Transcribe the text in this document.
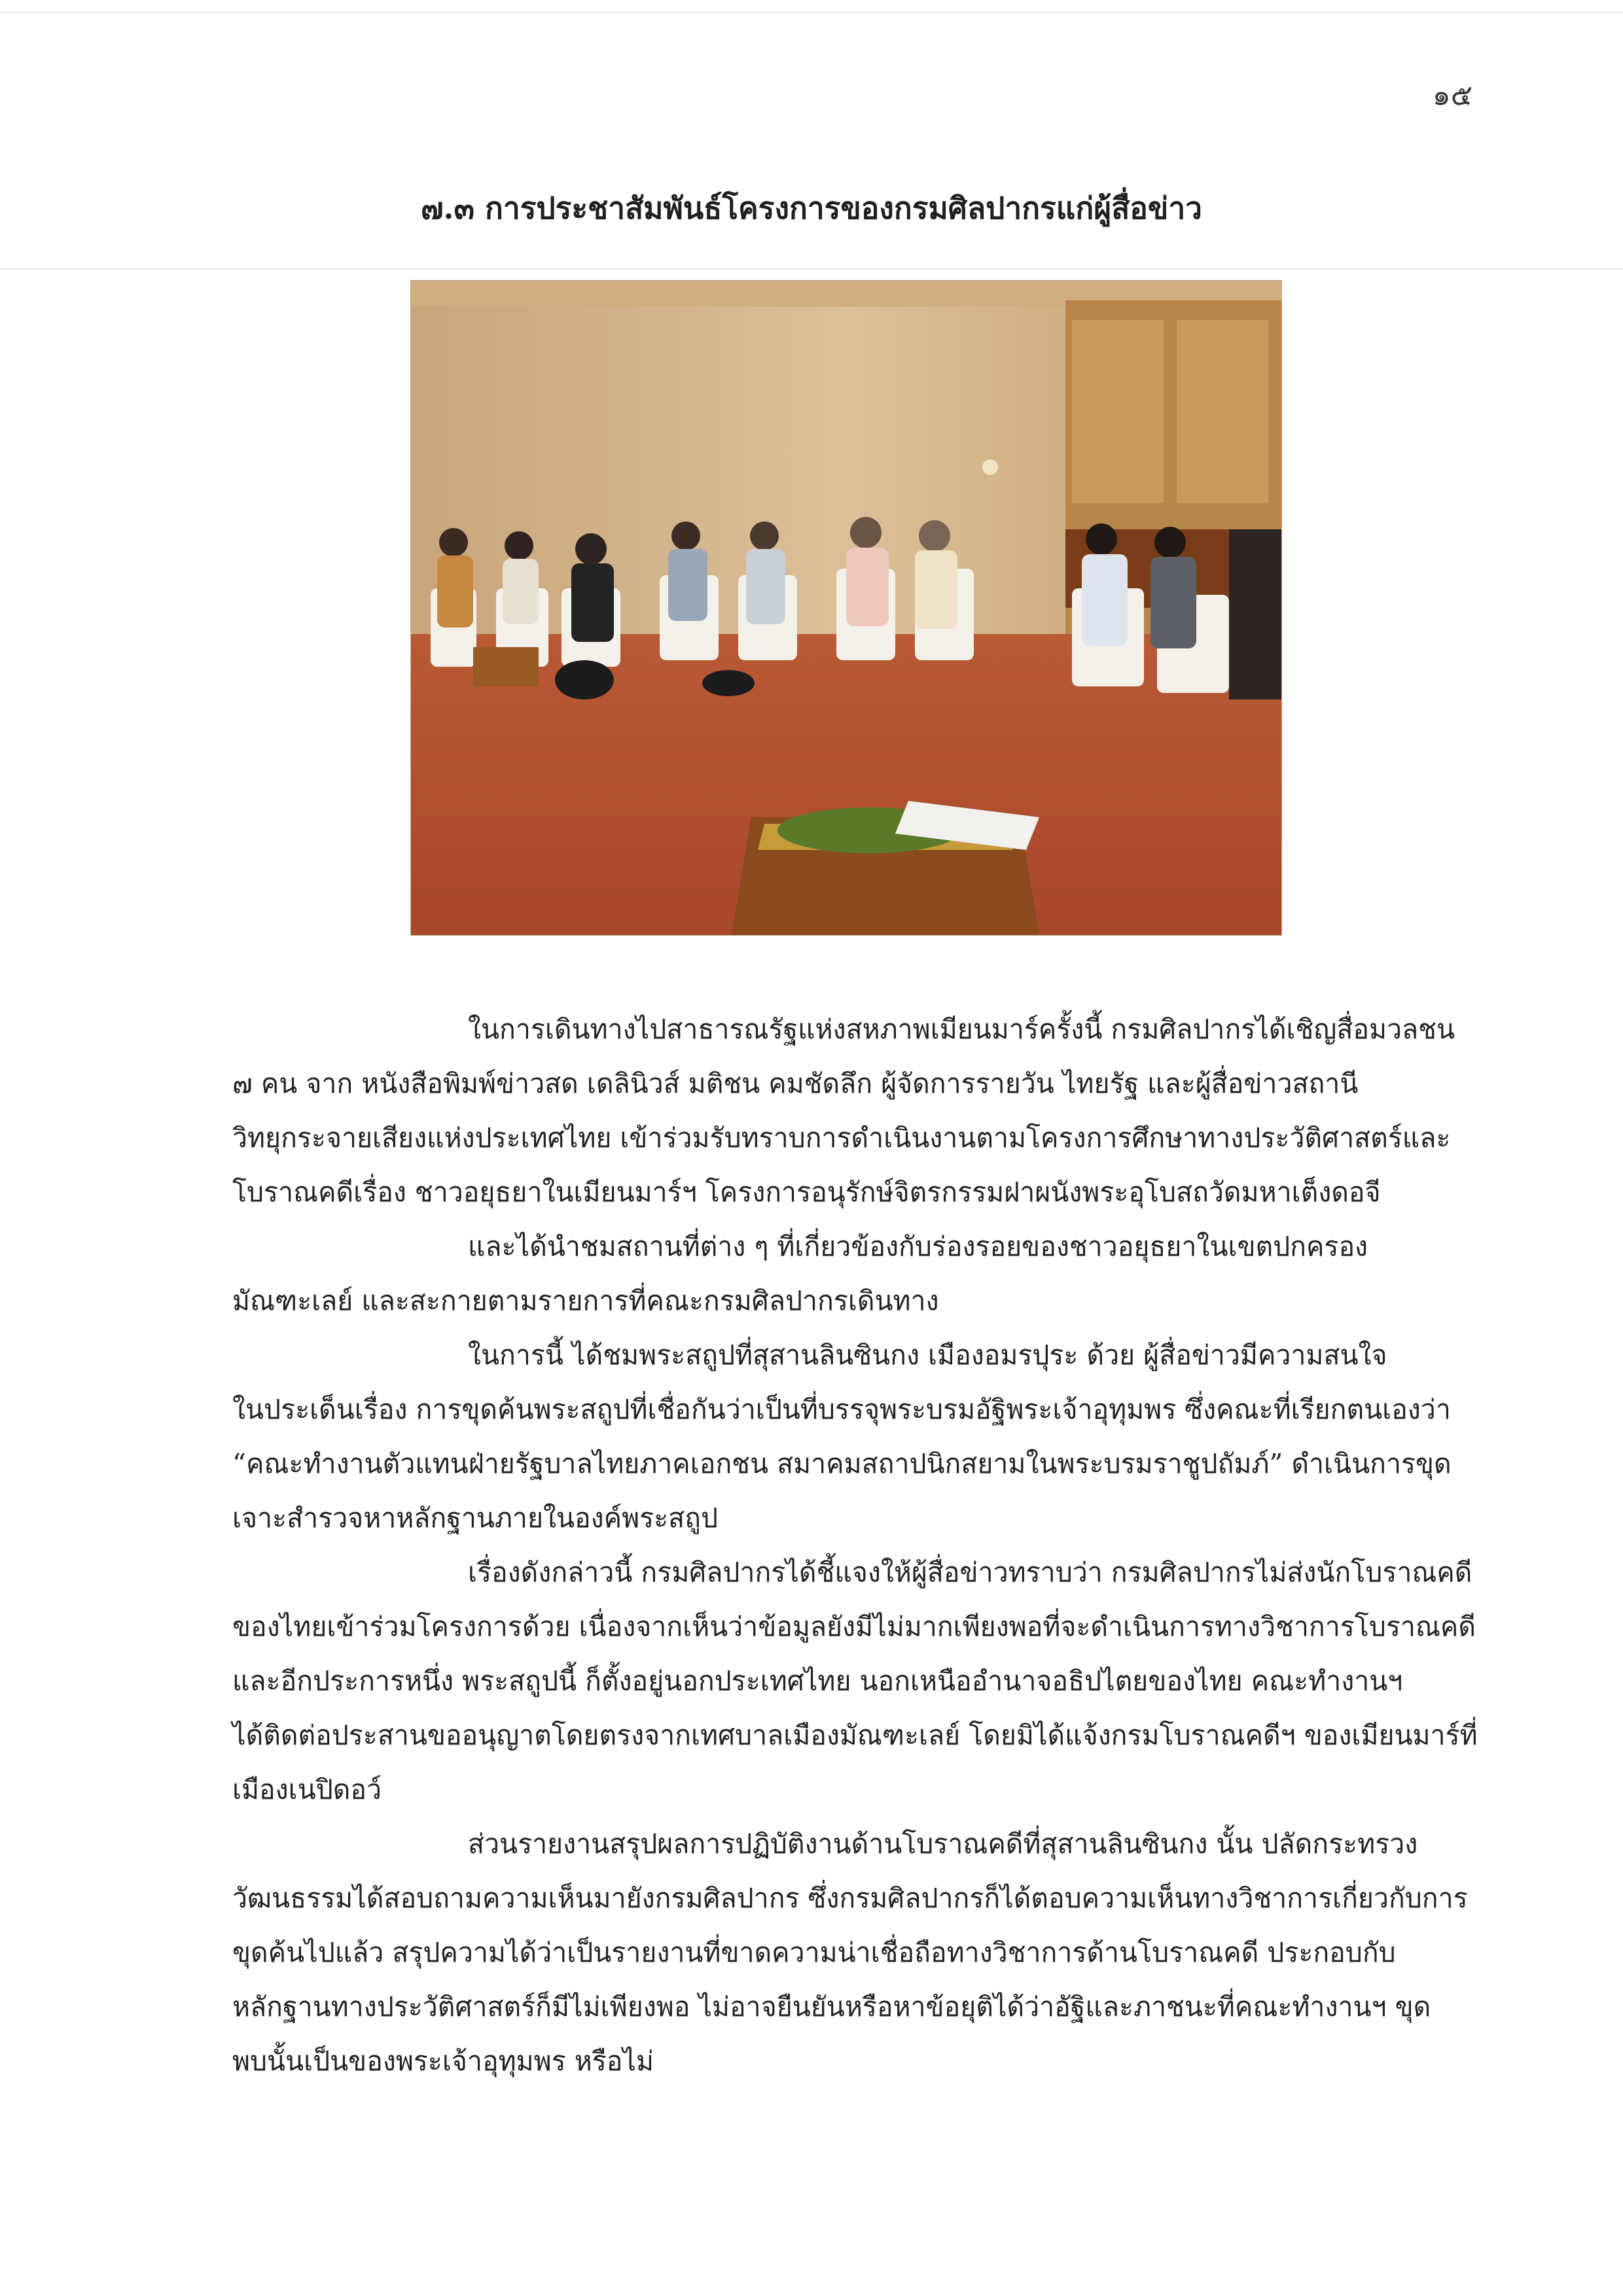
๑๕
๗.๓ การประชาสัมพันธ์โครงการของกรมศิลปากรแก่ผู้สื่อข่าว

ในการเดินทางไปสาธารณรัฐแห่งสหภาพเมียนมาร์ครั้งนี้ กรมศิลปากรได้เชิญสื่อมวลชน
๗ คน จาก หนังสือพิมพ์ข่าวสด เดลินิวส์ มติชน คมชัดลึก ผู้จัดการรายวัน ไทยรัฐ และผู้สื่อข่าวสถานี
วิทยุกระจายเสียงแห่งประเทศไทย เข้าร่วมรับทราบการดำเนินงานตามโครงการศึกษาทางประวัติศาสตร์และ
โบราณคดีเรื่อง ชาวอยุธยาในเมียนมาร์ฯ โครงการอนุรักษ์จิตรกรรมฝาผนังพระอุโบสถวัดมหาเต็งดอจี
และได้นำชมสถานที่ต่าง ๆ ที่เกี่ยวข้องกับร่องรอยของชาวอยุธยาในเขตปกครอง
มัณฑะเลย์ และสะกายตามรายการที่คณะกรมศิลปากรเดินทาง

ในการนี้ ได้ชมพระสถูปที่สุสานลินซินกง เมืองอมรปุระ ด้วย ผู้สื่อข่าวมีความสนใจ
ในประเด็นเรื่อง การขุดค้นพระสถูปที่เชื่อกันว่าเป็นที่บรรจุพระบรมอัฐิพระเจ้าอุทุมพร ซึ่งคณะที่เรียกตนเองว่า
“คณะทำงานตัวแทนฝ่ายรัฐบาลไทยภาคเอกชน สมาคมสถาปนิกสยามในพระบรมราชูปถัมภ์” ดำเนินการขุด
เจาะสำรวจหาหลักฐานภายในองค์พระสถูป

เรื่องดังกล่าวนี้ กรมศิลปากรได้ชี้แจงให้ผู้สื่อข่าวทราบว่า กรมศิลปากรไม่ส่งนักโบราณคดี
ของไทยเข้าร่วมโครงการด้วย เนื่องจากเห็นว่าข้อมูลยังมีไม่มากเพียงพอที่จะดำเนินการทางวิชาการโบราณคดี
และอีกประการหนึ่ง พระสถูปนี้ ก็ตั้งอยู่นอกประเทศไทย นอกเหนืออำนาจอธิปไตยของไทย คณะทำงานฯ
ได้ติดต่อประสานขออนุญาตโดยตรงจากเทศบาลเมืองมัณฑะเลย์ โดยมิได้แจ้งกรมโบราณคดีฯ ของเมียนมาร์ที่
เมืองเนปิดอว์

ส่วนรายงานสรุปผลการปฏิบัติงานด้านโบราณคดีที่สุสานลินซินกง นั้น ปลัดกระทรวง
วัฒนธรรมได้สอบถามความเห็นมายังกรมศิลปากร ซึ่งกรมศิลปากรก็ได้ตอบความเห็นทางวิชาการเกี่ยวกับการ
ขุดค้นไปแล้ว สรุปความได้ว่าเป็นรายงานที่ขาดความน่าเชื่อถือทางวิชาการด้านโบราณคดี ประกอบกับ
หลักฐานทางประวัติศาสตร์ก็มีไม่เพียงพอ ไม่อาจยืนยันหรือหาข้อยุติได้ว่าอัฐิและภาชนะที่คณะทำงานฯ ขุด
พบนั้นเป็นของพระเจ้าอุทุมพร หรือไม่
